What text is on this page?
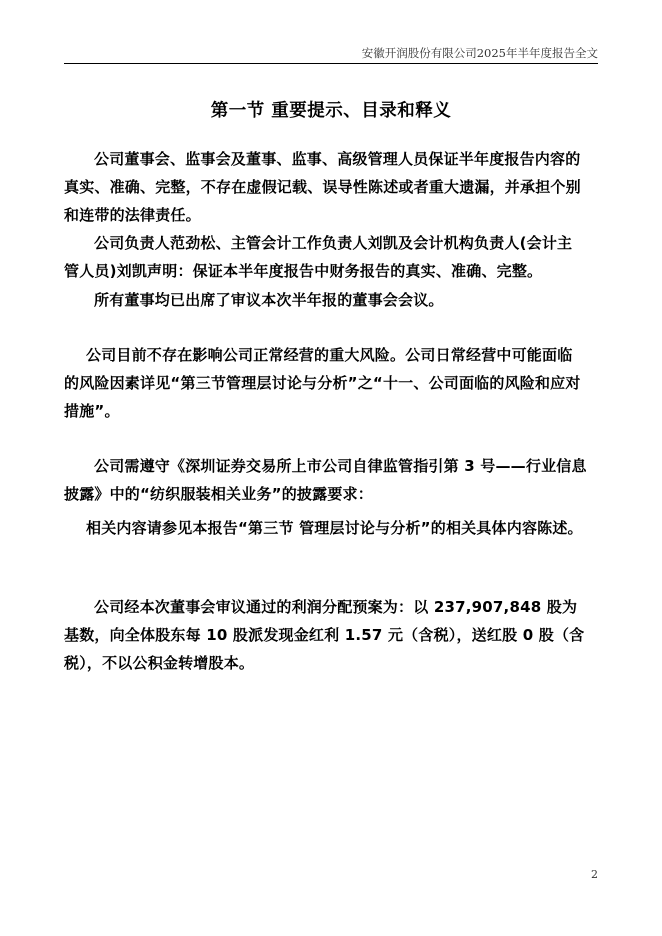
安徽开润股份有限公司2025年半年度报告全文
第一节 重要提示、目录和释义
公司董事会、监事会及董事、监事、高级管理人员保证半年度报告内容的真实、准确、完整，不存在虚假记载、误导性陈述或者重大遗漏，并承担个别和连带的法律责任。
公司负责人范劲松、主管会计工作负责人刘凯及会计机构负责人(会计主管人员)刘凯声明：保证本半年度报告中财务报告的真实、准确、完整。
所有董事均已出席了审议本次半年报的董事会会议。
公司目前不存在影响公司正常经营的重大风险。公司日常经营中可能面临的风险因素详见“第三节管理层讨论与分析”之“十一、公司面临的风险和应对措施”。
公司需遵守《深圳证券交易所上市公司自律监管指引第 3 号——行业信息披露》中的“纺织服装相关业务”的披露要求：
相关内容请参见本报告“第三节 管理层讨论与分析”的相关具体内容陈述。
公司经本次董事会审议通过的利润分配预案为：以 237,907,848 股为基数，向全体股东每 10 股派发现金红利 1.57 元（含税），送红股 0 股（含税），不以公积金转增股本。
2
